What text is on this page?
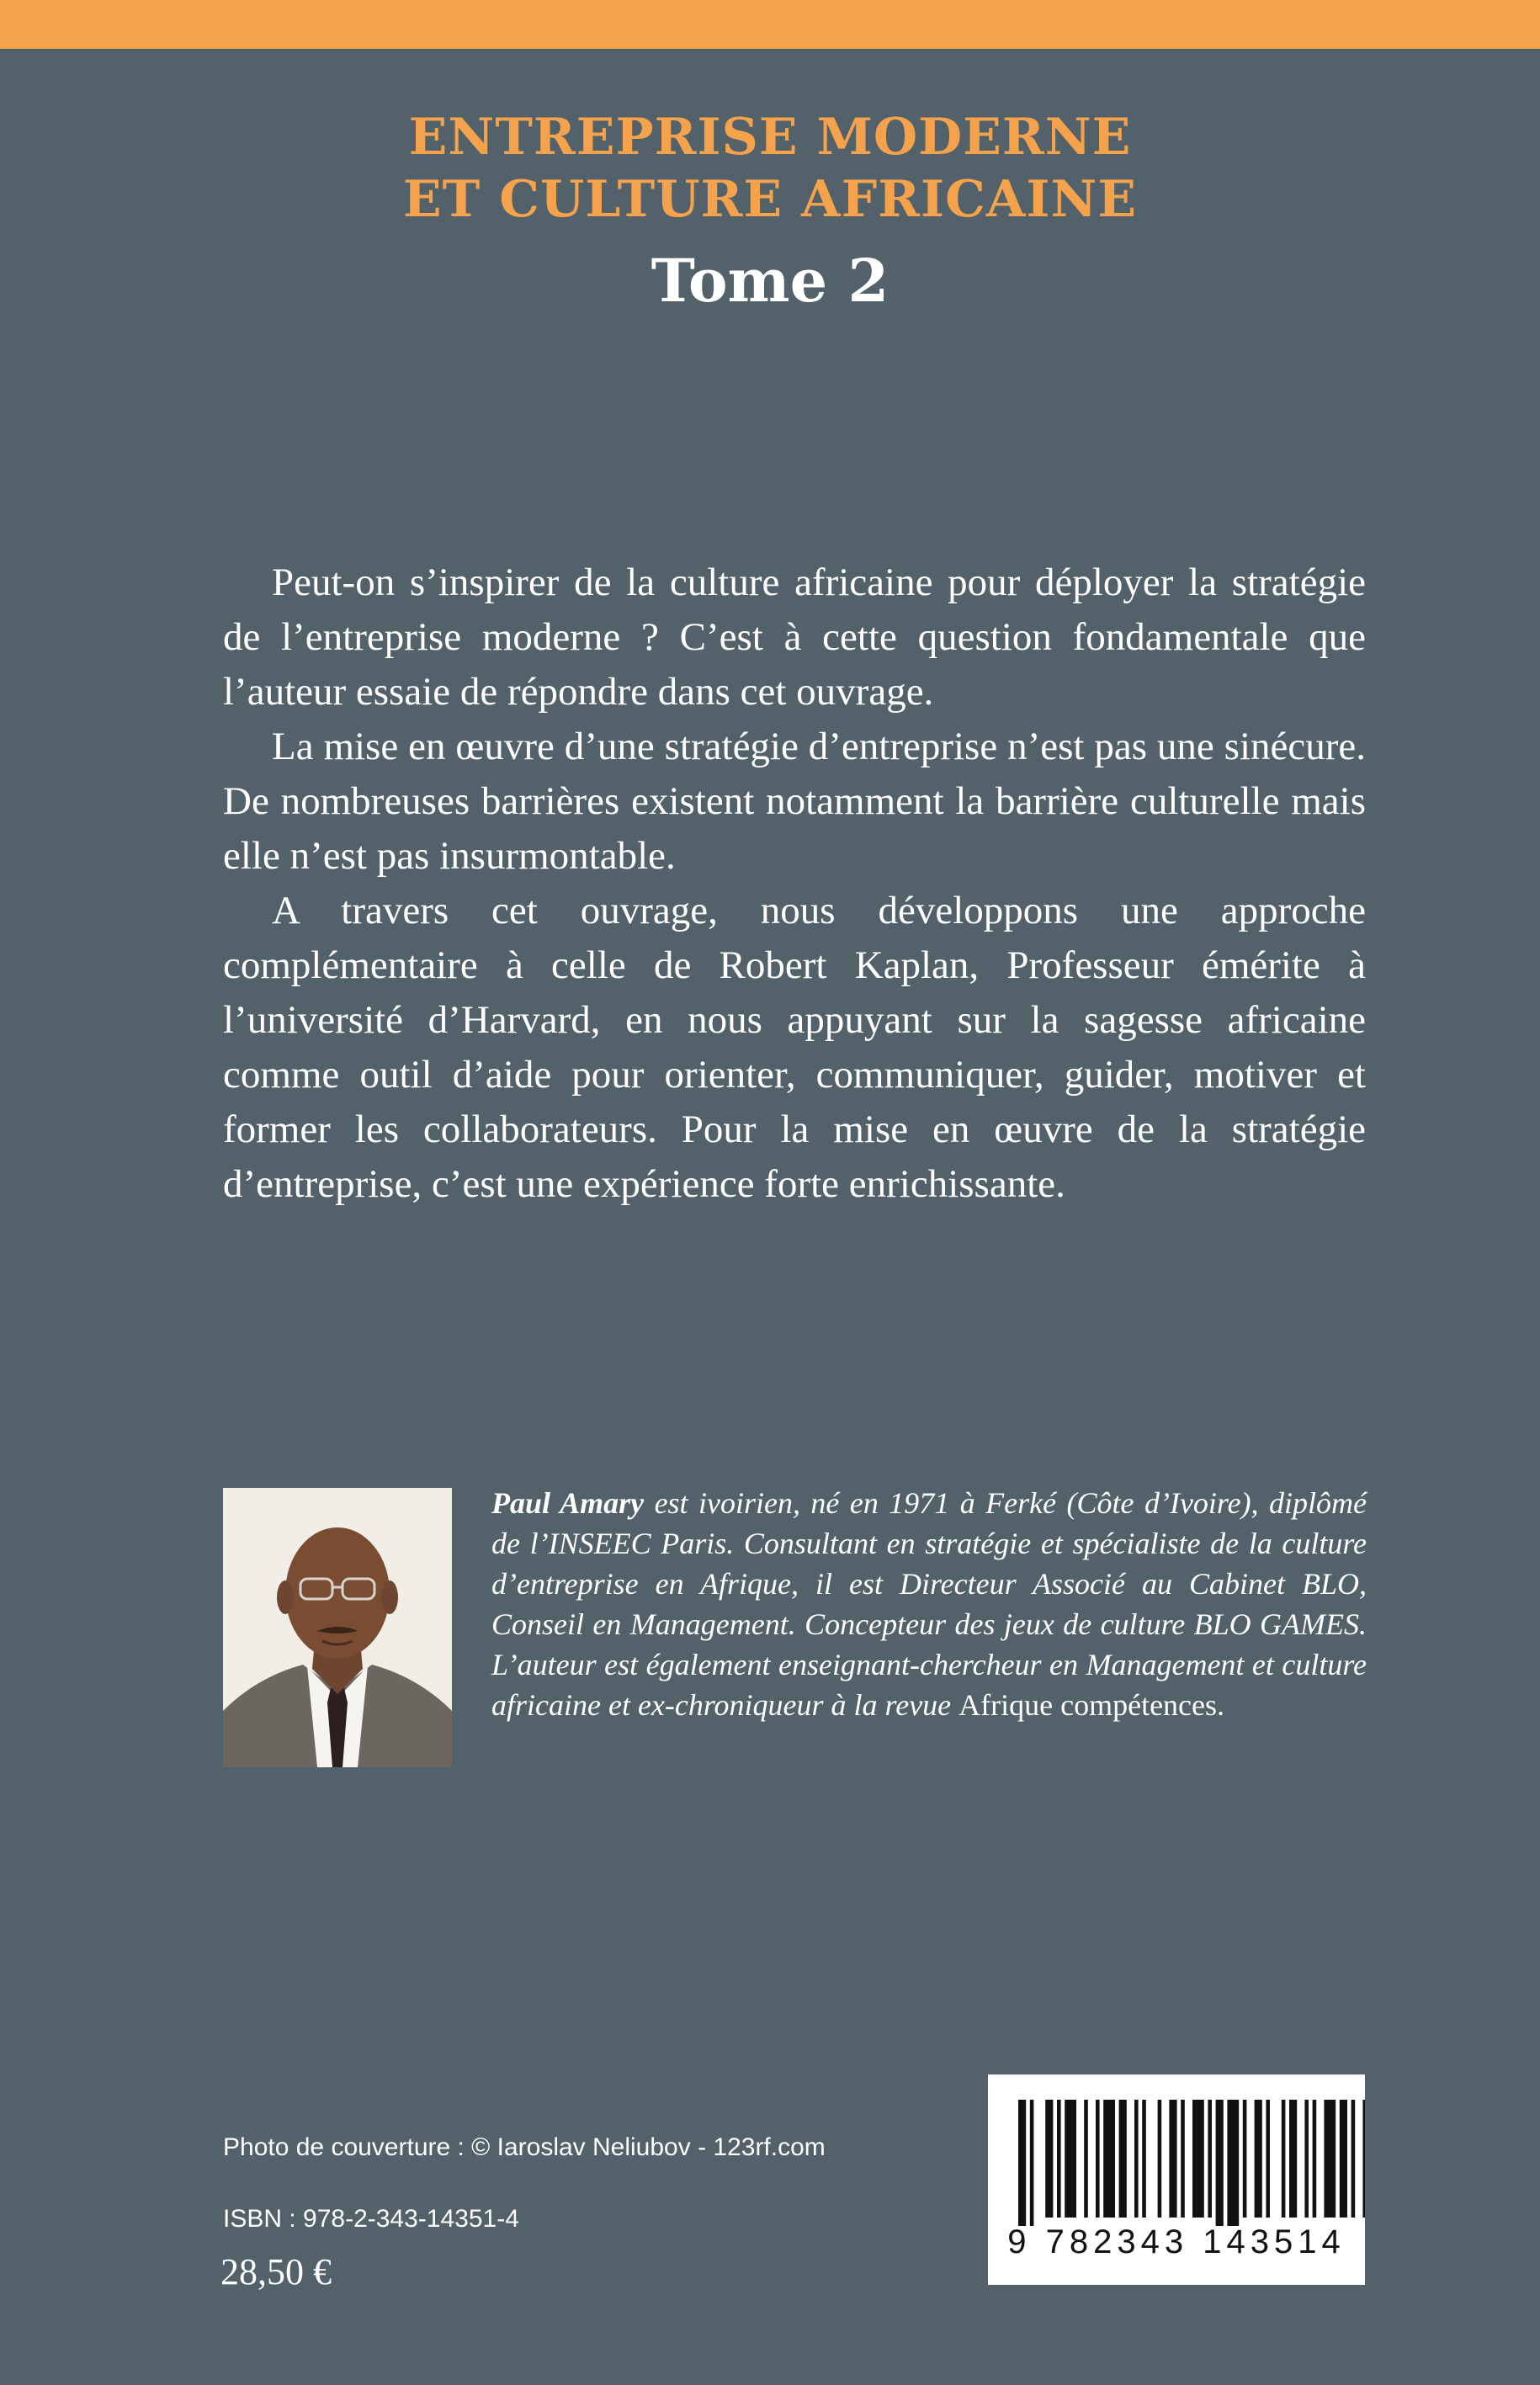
ENTREPRISE MODERNE
ET CULTURE AFRICAINE
Tome 2

Peut-on s’inspirer de la culture africaine pour déployer la stratégie de l’entreprise moderne ? C’est à cette question fondamentale que l’auteur essaie de répondre dans cet ouvrage.

La mise en œuvre d’une stratégie d’entreprise n’est pas une sinécure. De nombreuses barrières existent notamment la barrière culturelle mais elle n’est pas insurmontable.

A travers cet ouvrage, nous développons une approche complémentaire à celle de Robert Kaplan, Professeur émérite à l’université d’Harvard, en nous appuyant sur la sagesse africaine comme outil d’aide pour orienter, communiquer, guider, motiver et former les collaborateurs. Pour la mise en œuvre de la stratégie d’entreprise, c’est une expérience forte enrichissante.

Paul Amary est ivoirien, né en 1971 à Ferké (Côte d’Ivoire), diplômé de l’INSEEC Paris. Consultant en stratégie et spécialiste de la culture d’entreprise en Afrique, il est Directeur Associé au Cabinet BLO, Conseil en Management. Concepteur des jeux de culture BLO GAMES. L’auteur est également enseignant-chercheur en Management et culture africaine et ex-chroniqueur à la revue Afrique compétences.
Photo de couverture : © Iaroslav Neliubov - 123rf.com
ISBN : 978-2-343-14351-4
28,50 €
9 782343 143514
